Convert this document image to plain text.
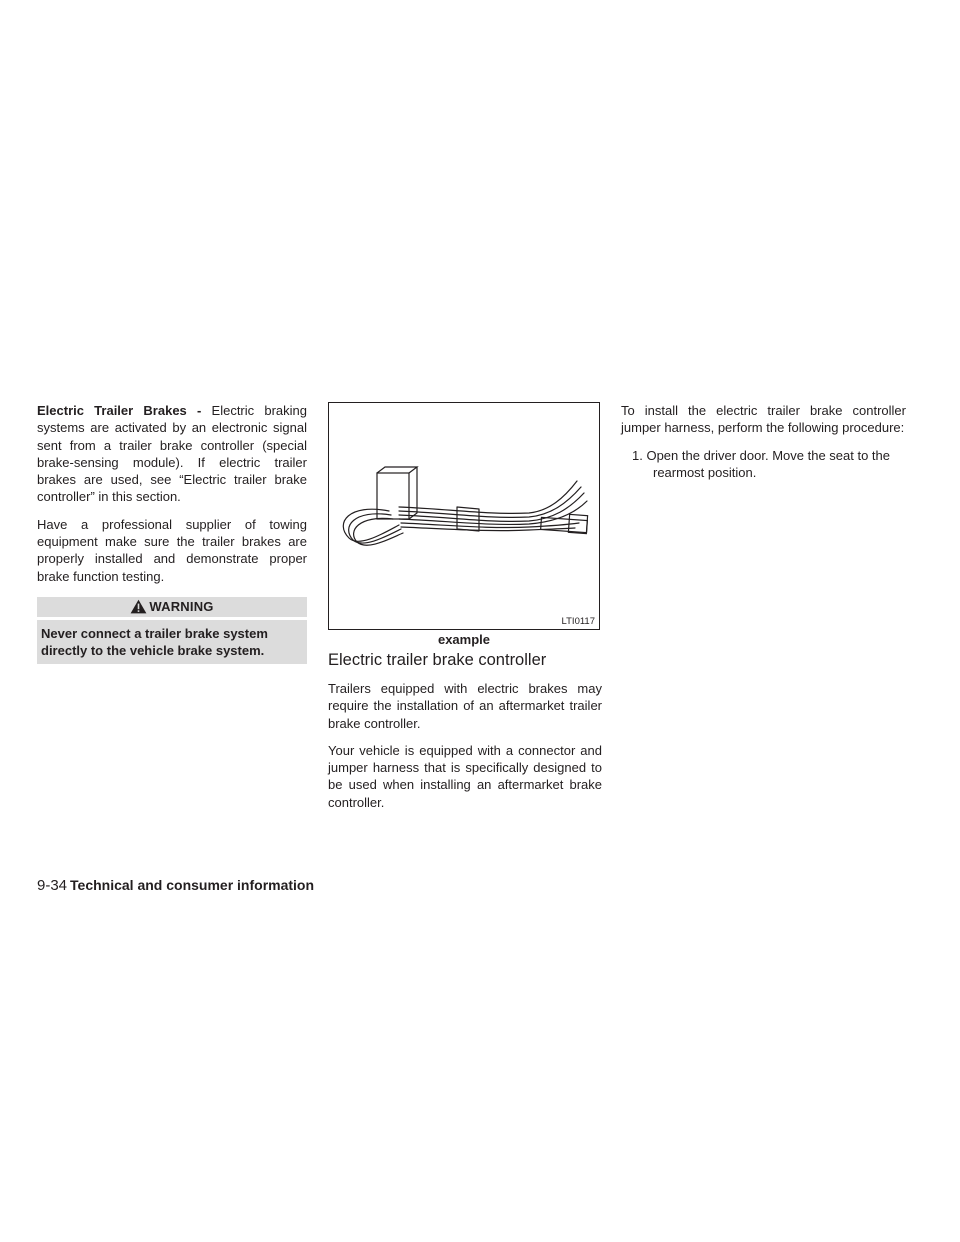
Electric Trailer Brakes - Electric braking systems are activated by an electronic signal sent from a trailer brake controller (special brake-sensing module). If electric trailer brakes are used, see “Electric trailer brake controller” in this section.

Have a professional supplier of towing equipment make sure the trailer brakes are properly installed and demonstrate proper brake function testing.

WARNING
Never connect a trailer brake system directly to the vehicle brake system.
LTI0117
example
Electric trailer brake controller

Trailers equipped with electric brakes may require the installation of an aftermarket trailer brake controller.

Your vehicle is equipped with a connector and jumper harness that is specifically designed to be used when installing an aftermarket brake controller.

To install the electric trailer brake controller jumper harness, perform the following procedure:

1. Open the driver door. Move the seat to the rearmost position.

9-34 Technical and consumer information
